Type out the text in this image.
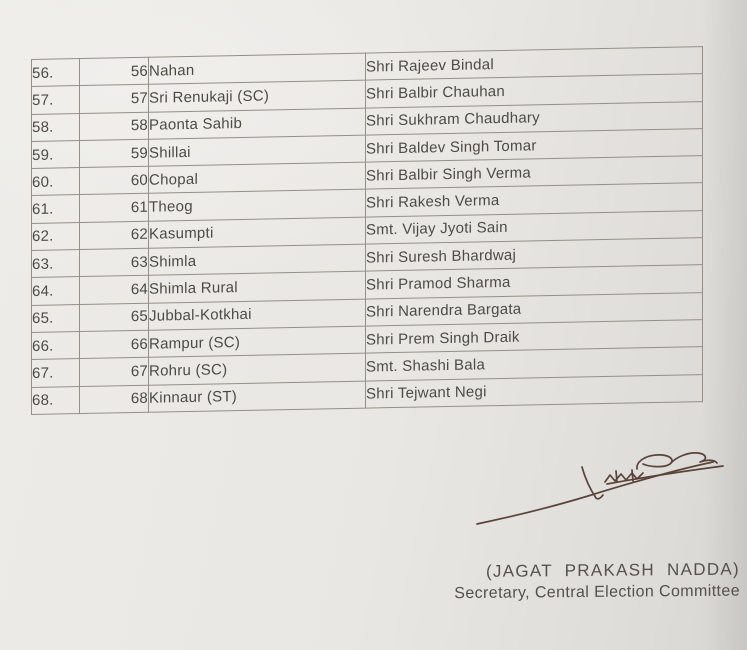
56.	56	Nahan	Shri Rajeev Bindal
57.	57	Sri Renukaji (SC)	Shri Balbir Chauhan
58.	58	Paonta Sahib	Shri Sukhram Chaudhary
59.	59	Shillai	Shri Baldev Singh Tomar
60.	60	Chopal	Shri Balbir Singh Verma
61.	61	Theog	Shri Rakesh Verma
62.	62	Kasumpti	Smt. Vijay Jyoti Sain
63.	63	Shimla	Shri Suresh Bhardwaj
64.	64	Shimla Rural	Shri Pramod Sharma
65.	65	Jubbal-Kotkhai	Shri Narendra Bargata
66.	66	Rampur (SC)	Shri Prem Singh Draik
67.	67	Rohru (SC)	Smt. Shashi Bala
68.	68	Kinnaur (ST)	Shri Tejwant Negi
(JAGAT PRAKASH NADDA)
Secretary, Central Election Committee
